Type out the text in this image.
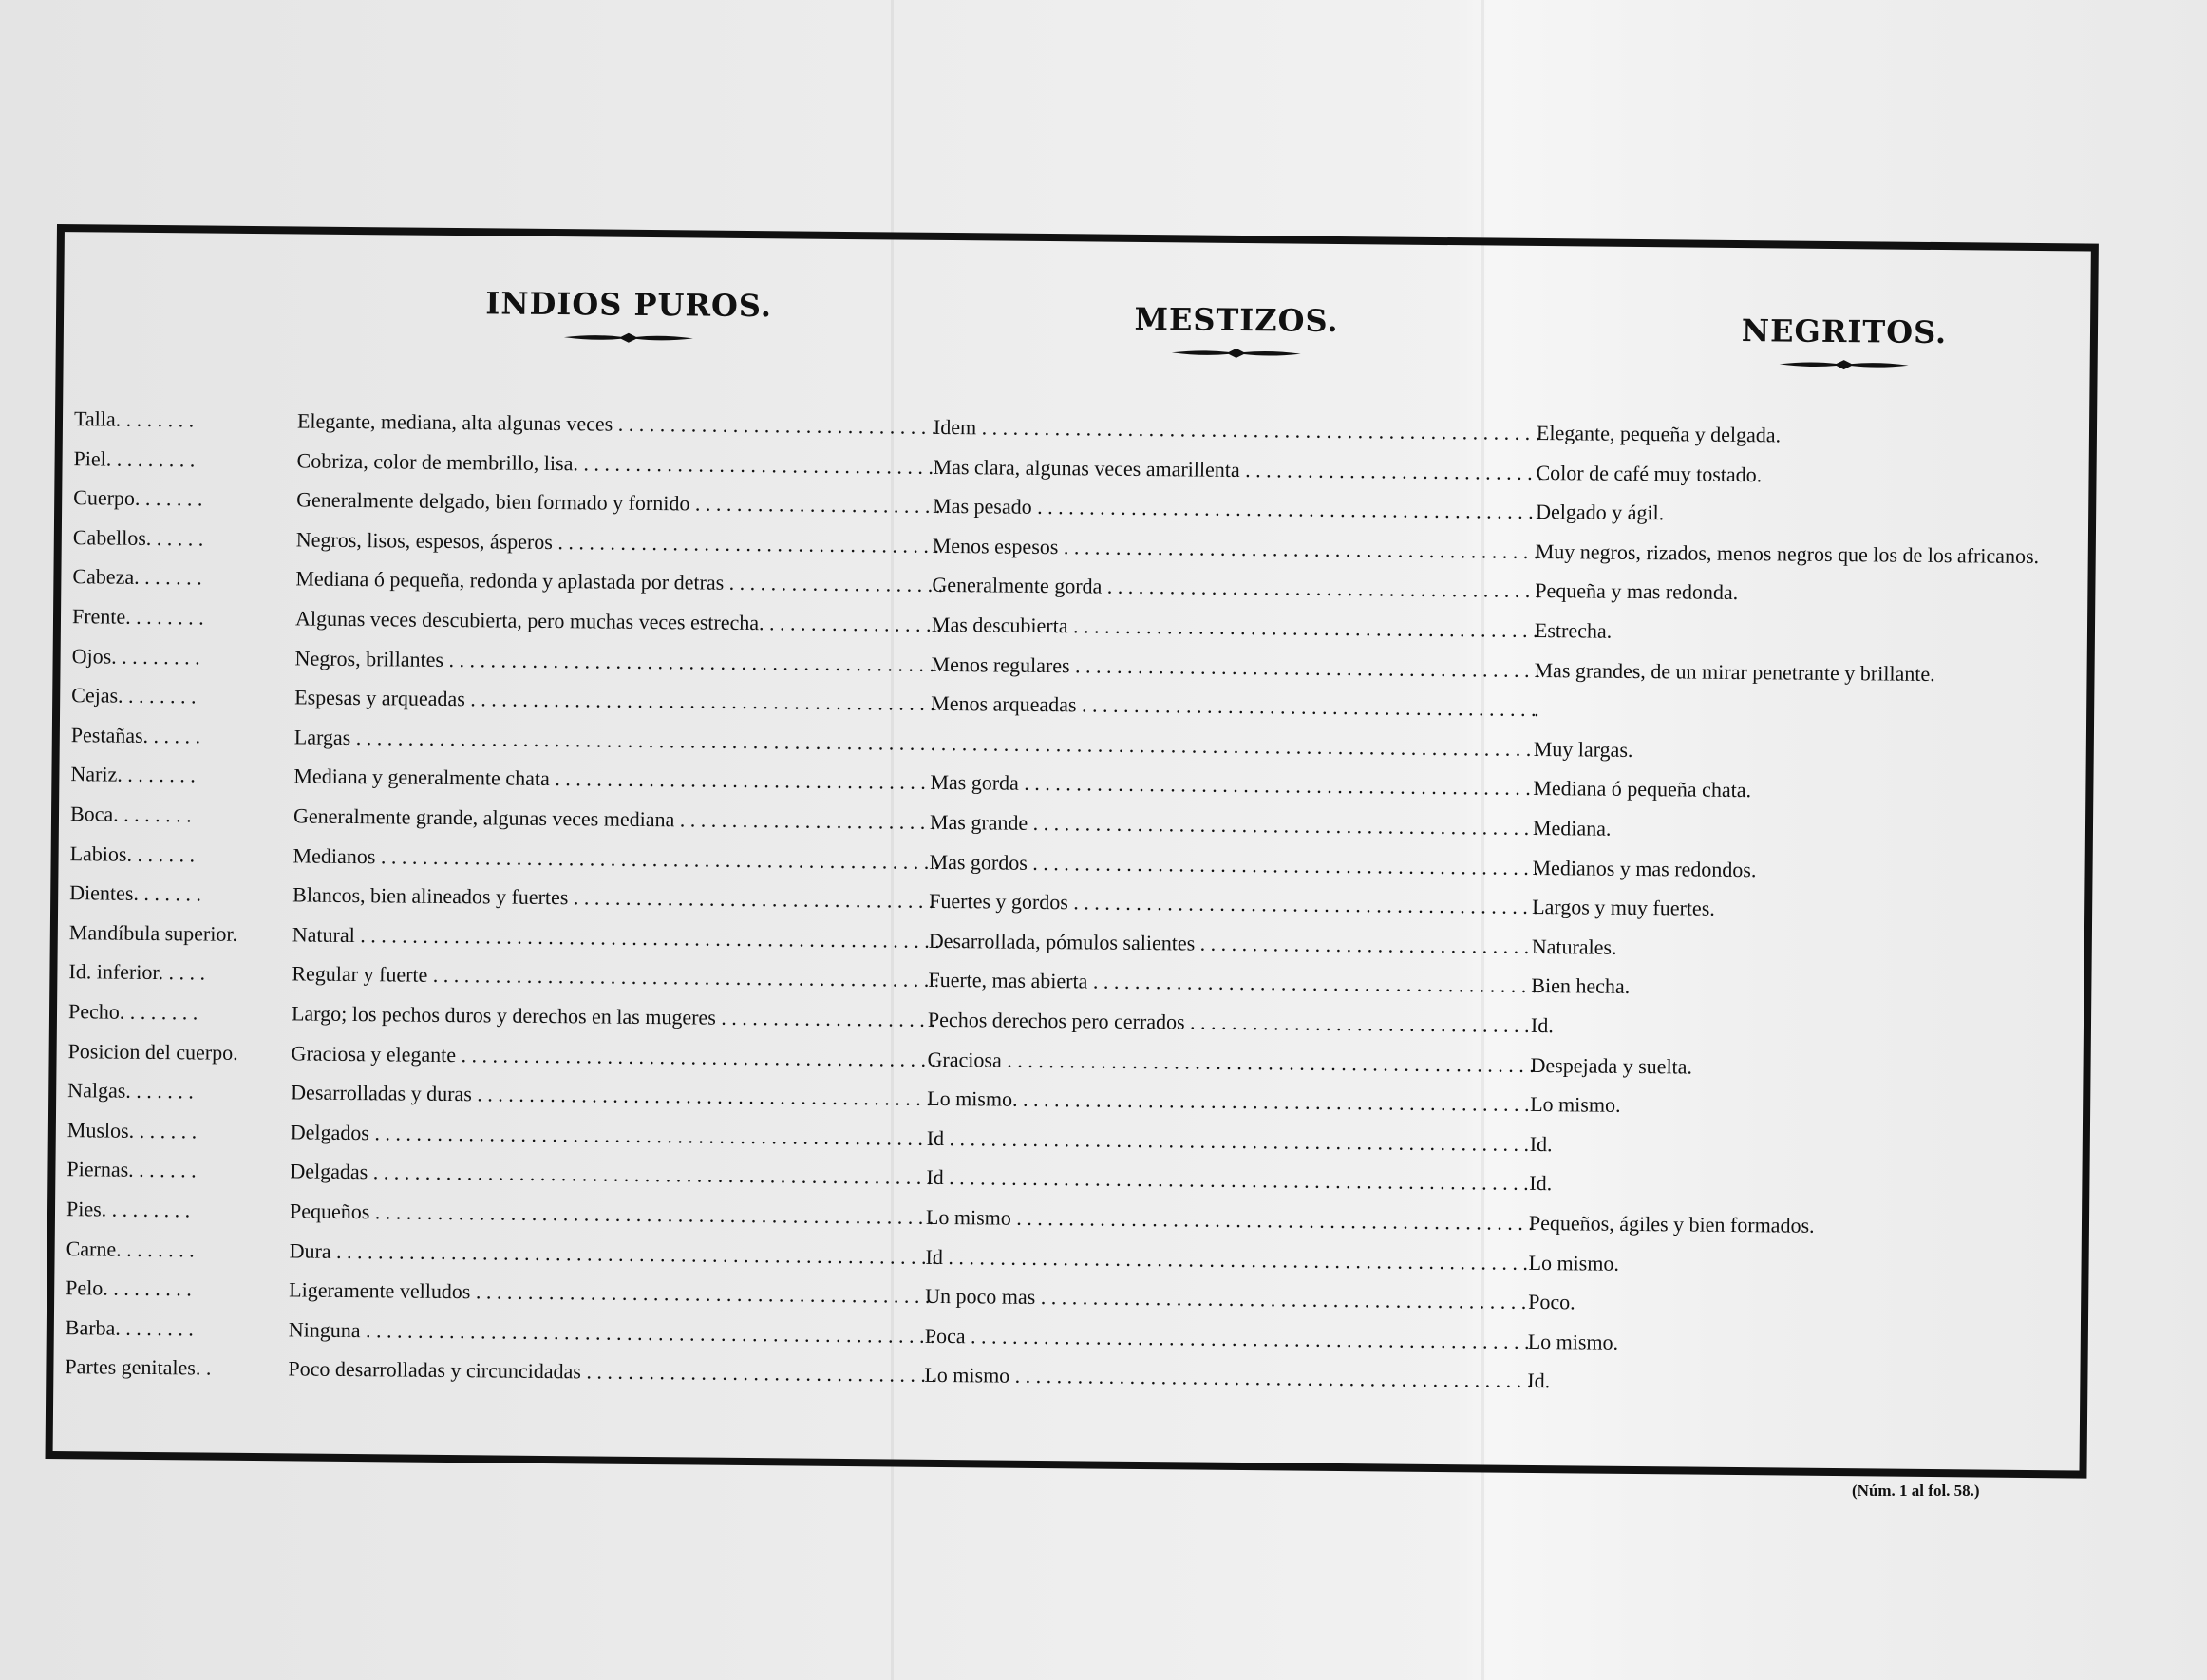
INDIOS PUROS.	MESTIZOS.	NEGRITOS.
Talla. . . . . . . .	Elegante, mediana, alta algunas veces . . .	Idem . . .	Elegante, pequeña y delgada.
Piel. . . . . . . . .	Cobriza, color de membrillo, lisa. . . .	Mas clara, algunas veces amarillenta . . .	Color de café muy tostado.
Cuerpo. . . . . . .	Generalmente delgado, bien formado y fornido . . .	Mas pesado . . .	Delgado y ágil.
Cabellos. . . . . .	Negros, lisos, espesos, ásperos . . .	Menos espesos . . .	Muy negros, rizados, menos negros que los de los africanos.
Cabeza. . . . . . .	Mediana ó pequeña, redonda y aplastada por detras . . .	Generalmente gorda . . .	Pequeña y mas redonda.
Frente. . . . . . . .	Algunas veces descubierta, pero muchas veces estrecha. . . .	Mas descubierta . . .	Estrecha.
Ojos. . . . . . . . .	Negros, brillantes . . .	Menos regulares . . .	Mas grandes, de un mirar penetrante y brillante.
Cejas. . . . . . . .	Espesas y arqueadas . . .	Menos arqueadas . . .	.
Pestañas. . . . . .	Largas . . .
. . .	Muy largas.
Nariz. . . . . . . .	Mediana y generalmente chata . . .	Mas gorda . . .	Mediana ó pequeña chata.
Boca. . . . . . . .	Generalmente grande, algunas veces mediana . . .	Mas grande . . .	Mediana.
Labios. . . . . . .	Medianos . . .	Mas gordos . . .	Medianos y mas redondos.
Dientes. . . . . . .	Blancos, bien alineados y fuertes . . .	Fuertes y gordos . . .	Largos y muy fuertes.
Mandíbula superior.	Natural . . .	Desarrollada, pómulos salientes . . .	Naturales.
Id. inferior. . . . .	Regular y fuerte . . .	Fuerte, mas abierta . . .	Bien hecha.
Pecho. . . . . . . .	Largo; los pechos duros y derechos en las mugeres . . .	Pechos derechos pero cerrados . . .	Id.
Posicion del cuerpo.	Graciosa y elegante . . .	Graciosa . . .	Despejada y suelta.
Nalgas. . . . . . .	Desarrolladas y duras . . .	Lo mismo. . . .	Lo mismo.
Muslos. . . . . . .	Delgados . . .	Id . . .	Id.
Piernas. . . . . . .	Delgadas . . .	Id . . .	Id.
Pies. . . . . . . . .	Pequeños . . .	Lo mismo . . .	Pequeños, ágiles y bien formados.
Carne. . . . . . . .	Dura . . .	Id . . .	Lo mismo.
Pelo. . . . . . . . .	Ligeramente velludos . . .	Un poco mas . . .	Poco.
Barba. . . . . . . .	Ninguna . . .	Poca . . .	Lo mismo.
Partes genitales. .	Poco desarrolladas y circuncidadas . . .	Lo mismo . . .	Id.
(Núm. 1 al fol. 58.)
